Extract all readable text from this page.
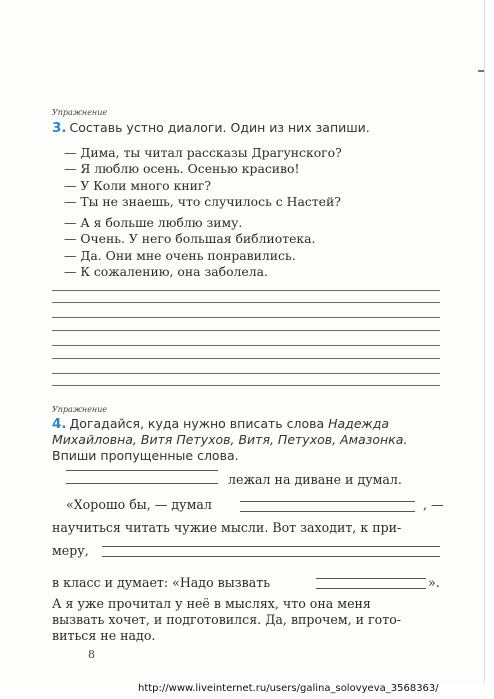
Упражнение
3. Составь устно диалоги. Один из них запиши.
— Дима, ты читал рассказы Драгунского?
— Я люблю осень. Осенью красиво!
— У Коли много книг?
— Ты не знаешь, что случилось с Настей?
— А я больше люблю зиму.
— Очень. У него большая библиотека.
— Да. Они мне очень понравились.
— К сожалению, она заболела.
Упражнение
4. Догадайся, куда нужно вписать слова Надежда Михайловна, Витя Петухов, Витя, Петухов, Амазонка. Впиши пропущенные слова.
лежал на диване и думал.
«Хорошо бы, — думал	, —
научиться читать чужие мысли. Вот заходит, к при-
меру,
в класс и думает: «Надо вызвать	».
А я уже прочитал у неё в мыслях, что она меня
вызвать хочет, и подготовился. Да, впрочем, и гото-
виться не надо.
8
http://www.liveinternet.ru/users/galina_solovyeva_3568363/
